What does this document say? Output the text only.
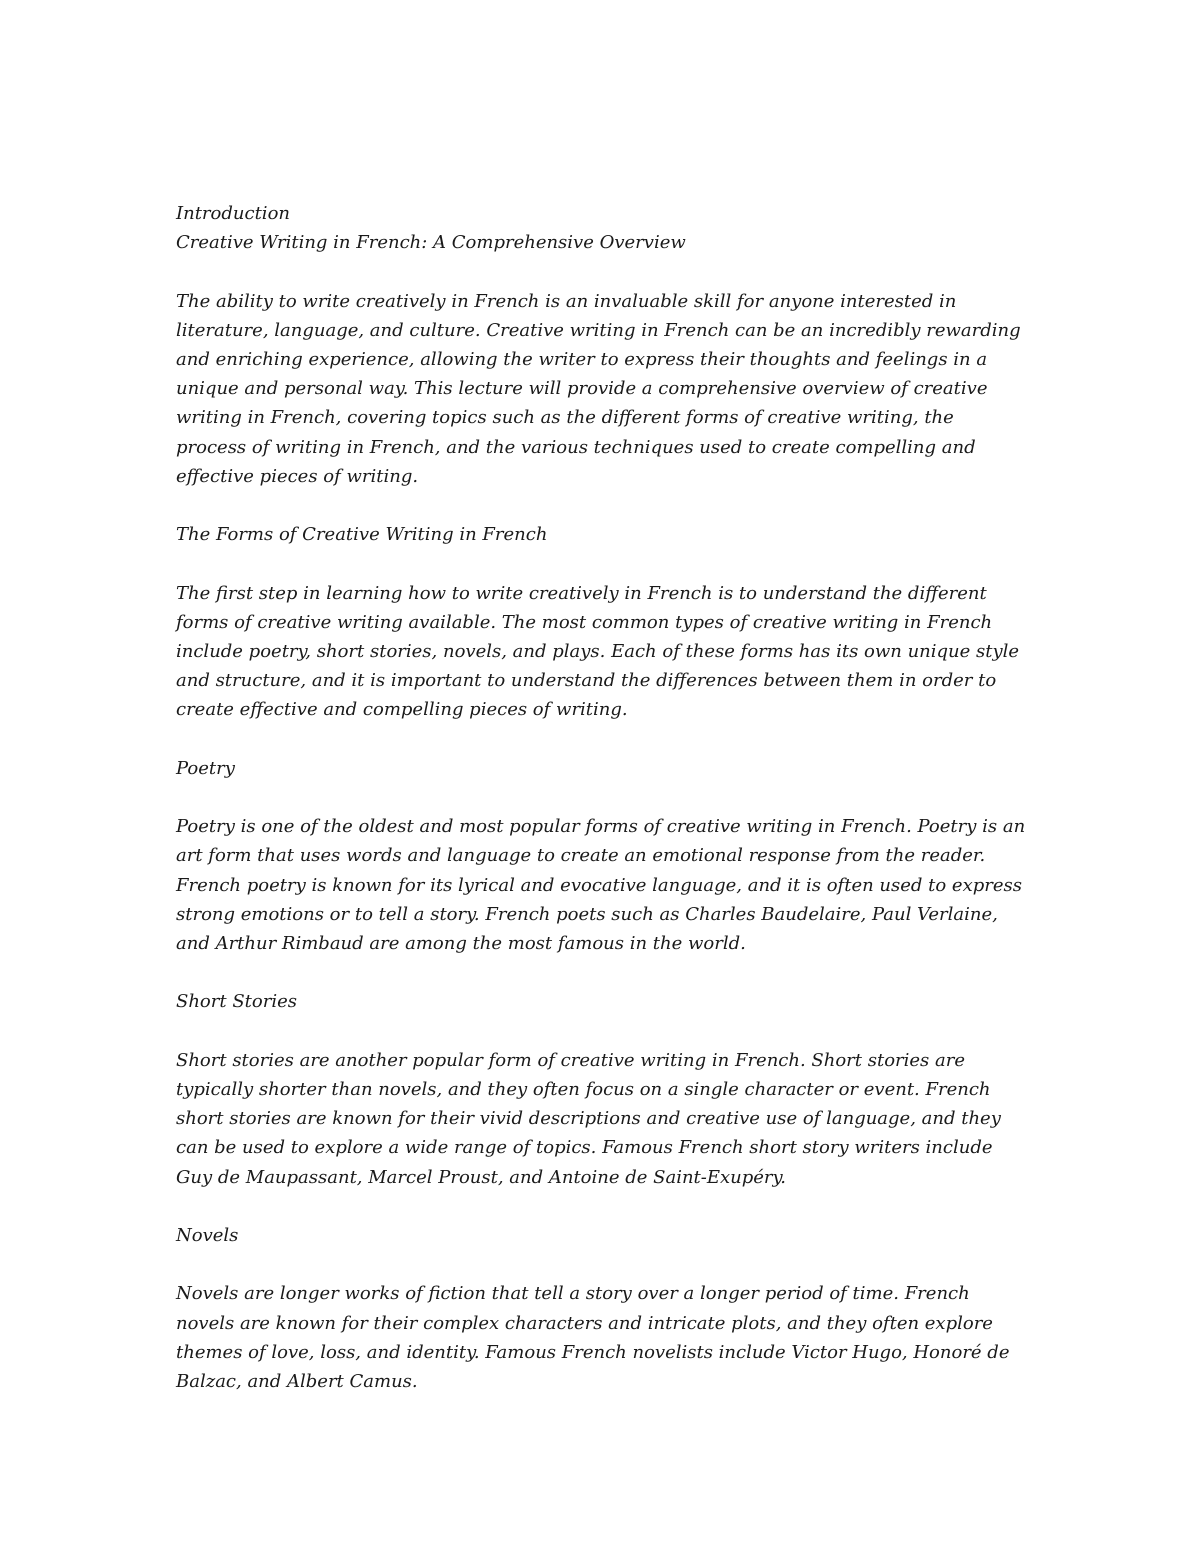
Introduction

Creative Writing in French: A Comprehensive Overview

The ability to write creatively in French is an invaluable skill for anyone interested in literature, language, and culture. Creative writing in French can be an incredibly rewarding and enriching experience, allowing the writer to express their thoughts and feelings in a unique and personal way. This lecture will provide a comprehensive overview of creative writing in French, covering topics such as the different forms of creative writing, the process of writing in French, and the various techniques used to create compelling and effective pieces of writing.

The Forms of Creative Writing in French

The first step in learning how to write creatively in French is to understand the different forms of creative writing available. The most common types of creative writing in French include poetry, short stories, novels, and plays. Each of these forms has its own unique style and structure, and it is important to understand the differences between them in order to create effective and compelling pieces of writing.

Poetry

Poetry is one of the oldest and most popular forms of creative writing in French. Poetry is an art form that uses words and language to create an emotional response from the reader. French poetry is known for its lyrical and evocative language, and it is often used to express strong emotions or to tell a story. French poets such as Charles Baudelaire, Paul Verlaine, and Arthur Rimbaud are among the most famous in the world.

Short Stories

Short stories are another popular form of creative writing in French. Short stories are typically shorter than novels, and they often focus on a single character or event. French short stories are known for their vivid descriptions and creative use of language, and they can be used to explore a wide range of topics. Famous French short story writers include Guy de Maupassant, Marcel Proust, and Antoine de Saint-Exupéry.

Novels

Novels are longer works of fiction that tell a story over a longer period of time. French novels are known for their complex characters and intricate plots, and they often explore themes of love, loss, and identity. Famous French novelists include Victor Hugo, Honoré de Balzac, and Albert Camus.
